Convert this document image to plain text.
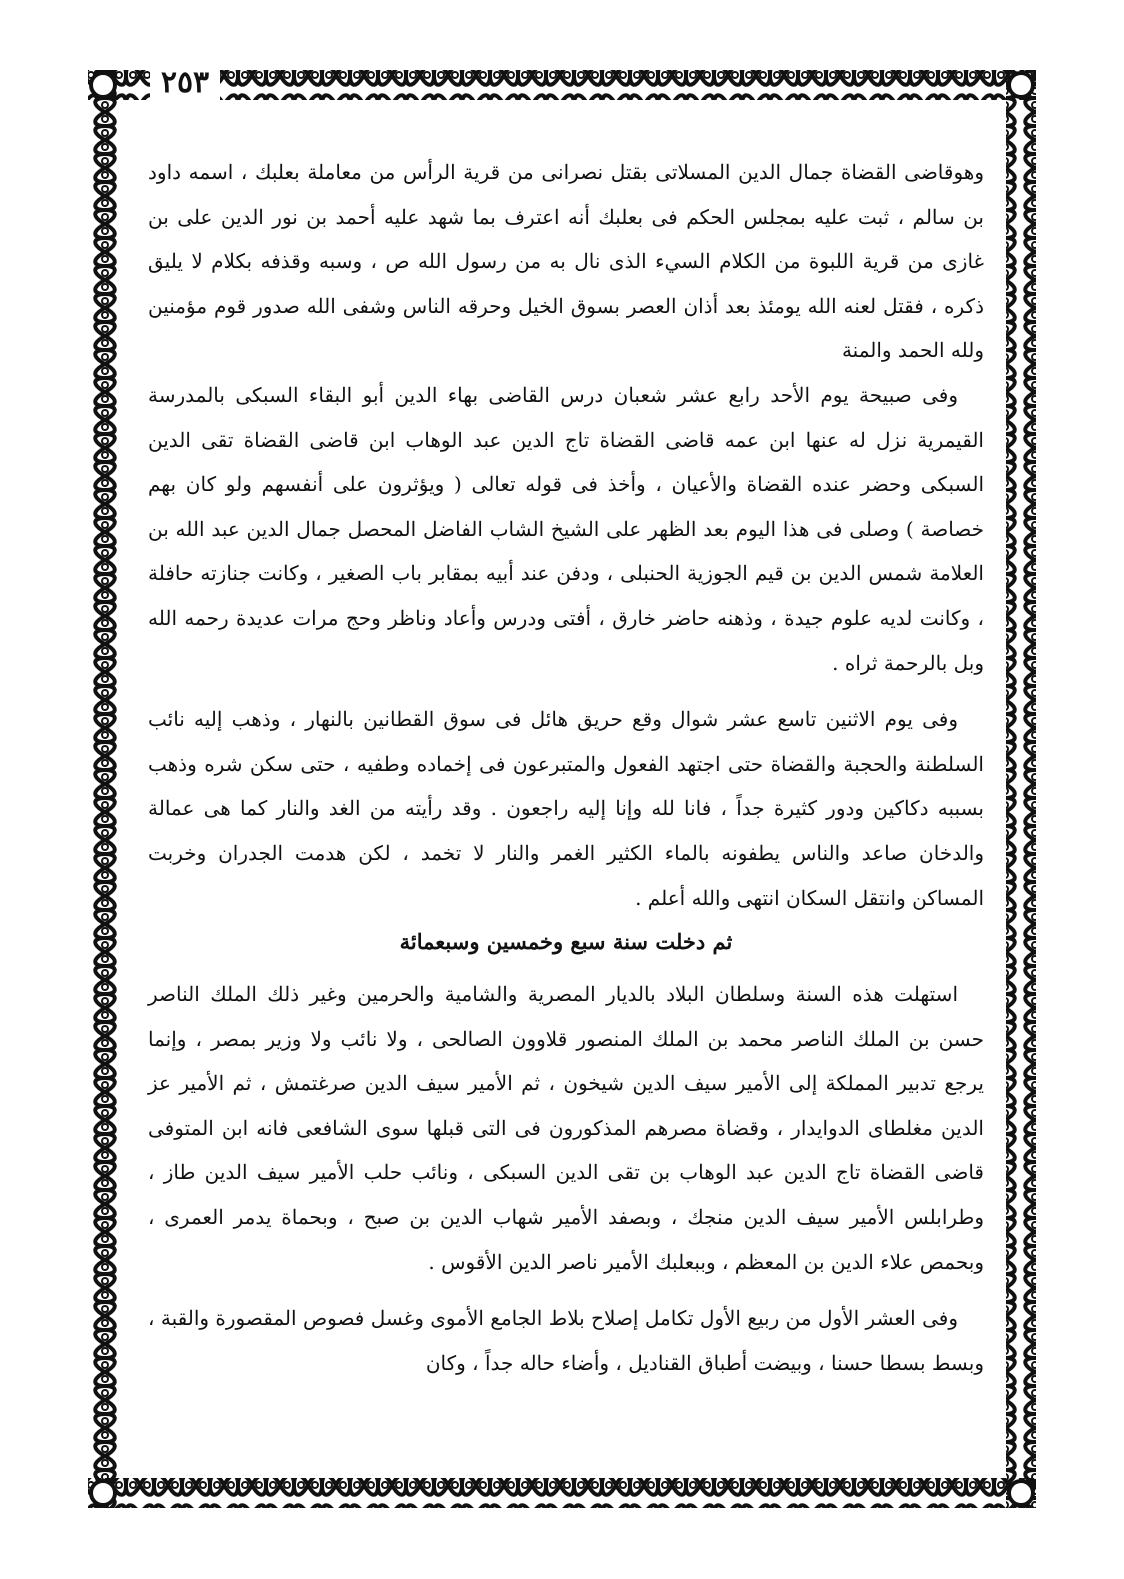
٢٥٣

وهوقاضى القضاة جمال الدين المسلاتى بقتل نصرانى من قرية الرأس من معاملة بعلبك ، اسمه داود بن سالم ، ثبت عليه بمجلس الحكم فى بعلبك أنه اعترف بما شهد عليه أحمد بن نور الدين على بن غازى من قرية اللبوة من الكلام السيء الذى نال به من رسول الله ص ، وسبه وقذفه بكلام لا يليق ذكره ، فقتل لعنه الله يومئذ بعد أذان العصر بسوق الخيل وحرقه الناس وشفى الله صدور قوم مؤمنين ولله الحمد والمنة

وفى صبيحة يوم الأحد رابع عشر شعبان درس القاضى بهاء الدين أبو البقاء السبكى بالمدرسة القيمرية نزل له عنها ابن عمه قاضى القضاة تاج الدين عبد الوهاب ابن قاضى القضاة تقى الدين السبكى وحضر عنده القضاة والأعيان ، وأخذ فى قوله تعالى ( ويؤثرون على أنفسهم ولو كان بهم خصاصة ) وصلى فى هذا اليوم بعد الظهر على الشيخ الشاب الفاضل المحصل جمال الدين عبد الله بن العلامة شمس الدين بن قيم الجوزية الحنبلى ، ودفن عند أبيه بمقابر باب الصغير ، وكانت جنازته حافلة ، وكانت لديه علوم جيدة ، وذهنه حاضر خارق ، أفتى ودرس وأعاد وناظر وحج مرات عديدة رحمه الله وبل بالرحمة ثراه .

وفى يوم الاثنين تاسع عشر شوال وقع حريق هائل فى سوق القطانين بالنهار ، وذهب إليه نائب السلطنة والحجبة والقضاة حتى اجتهد الفعول والمتبرعون فى إخماده وطفيه ، حتى سكن شره وذهب بسببه دكاكين ودور كثيرة جداً ، فانا لله وإنا إليه راجعون . وقد رأيته من الغد والنار كما هى عمالة والدخان صاعد والناس يطفونه بالماء الكثير الغمر والنار لا تخمد ، لكن هدمت الجدران وخربت المساكن وانتقل السكان انتهى والله أعلم .

ثم دخلت سنة سبع وخمسين وسبعمائة

استهلت هذه السنة وسلطان البلاد بالديار المصرية والشامية والحرمين وغير ذلك الملك الناصر حسن بن الملك الناصر محمد بن الملك المنصور قلاوون الصالحى ، ولا نائب ولا وزير بمصر ، وإنما يرجع تدبير المملكة إلى الأمير سيف الدين شيخون ، ثم الأمير سيف الدين صرغتمش ، ثم الأمير عز الدين مغلطاى الدوايدار ، وقضاة مصرهم المذكورون فى التى قبلها سوى الشافعى فانه ابن المتوفى قاضى القضاة تاج الدين عبد الوهاب بن تقى الدين السبكى ، ونائب حلب الأمير سيف الدين طاز ، وطرابلس الأمير سيف الدين منجك ، وبصفد الأمير شهاب الدين بن صبح ، وبحماة يدمر العمرى ، وبحمص علاء الدين بن المعظم ، وببعلبك الأمير ناصر الدين الأقوس .

وفى العشر الأول من ربيع الأول تكامل إصلاح بلاط الجامع الأموى وغسل فصوص المقصورة والقبة ، وبسط بسطا حسنا ، وبيضت أطباق القناديل ، وأضاء حاله جداً ، وكان
